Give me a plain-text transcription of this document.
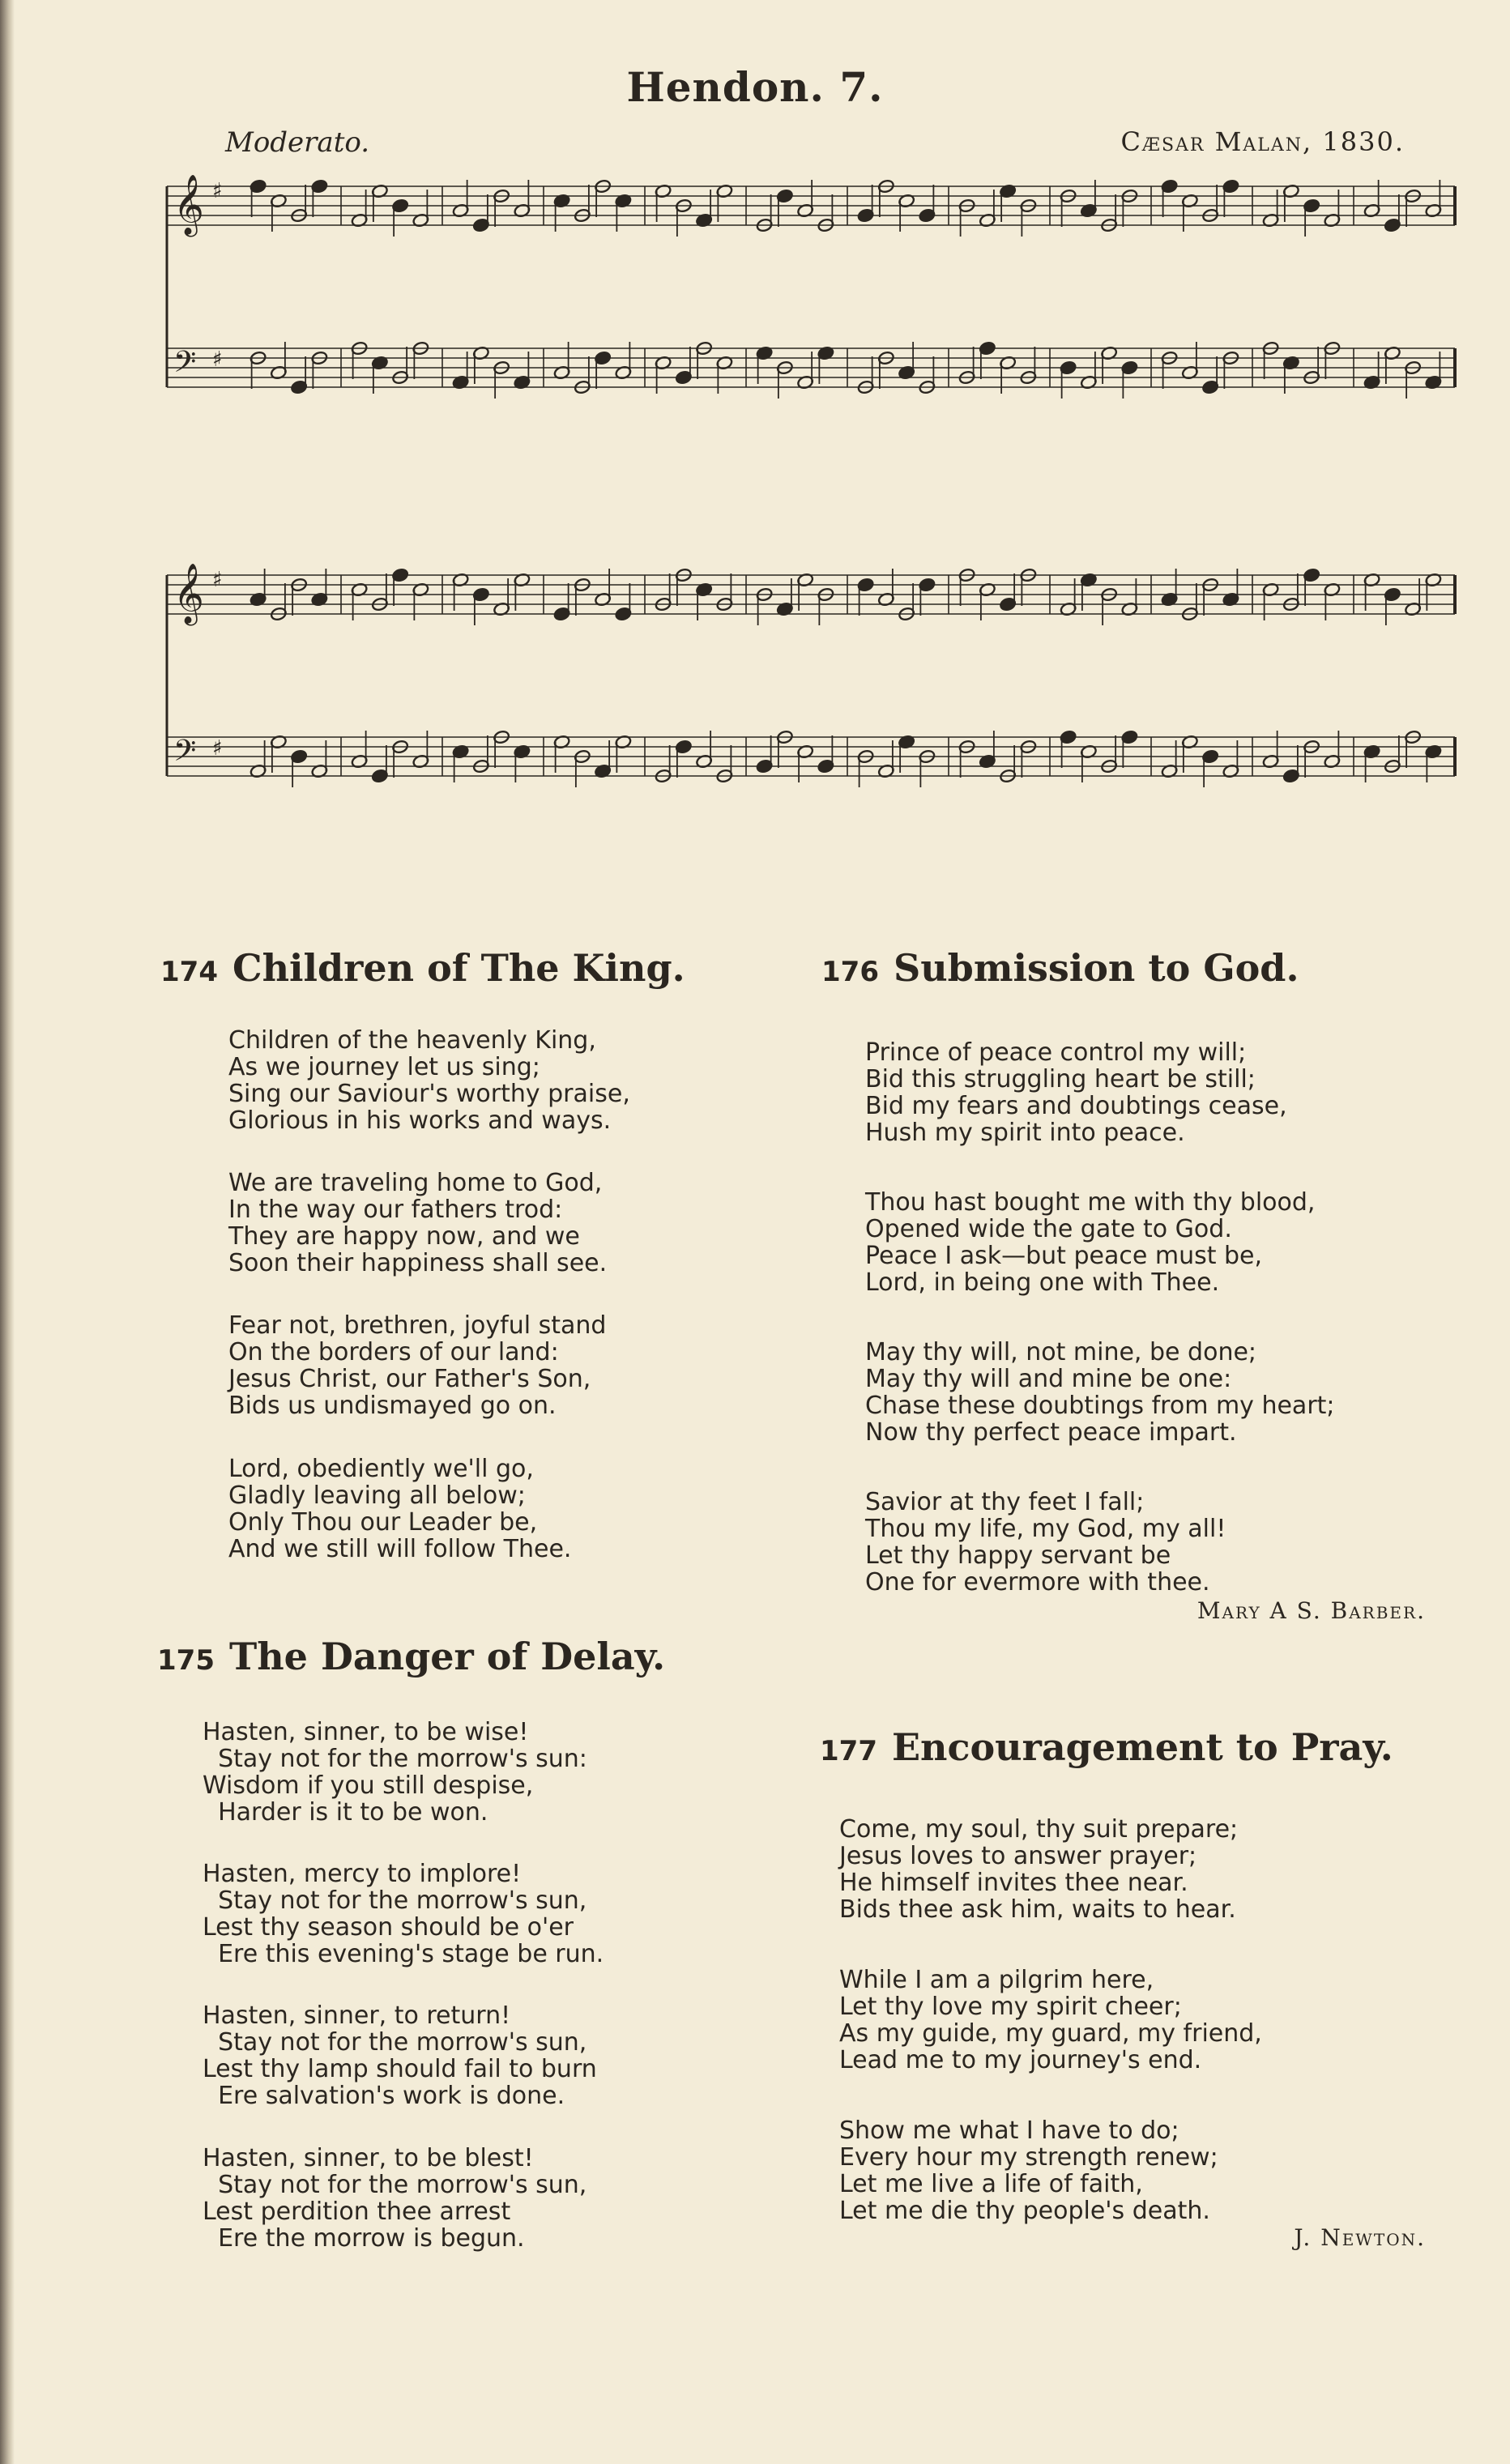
Hendon. 7.
Moderato.	Cæsar Malan, 1830.
𝄞 ♯
𝄢 ♯
𝄞 ♯
𝄢 ♯
174 Children of The King.
Children of the heavenly King,
As we journey let us sing;
Sing our Saviour's worthy praise,
Glorious in his works and ways.
We are traveling home to God,
In the way our fathers trod:
They are happy now, and we
Soon their happiness shall see.
Fear not, brethren, joyful stand
On the borders of our land:
Jesus Christ, our Father's Son,
Bids us undismayed go on.
Lord, obediently we'll go,
Gladly leaving all below;
Only Thou our Leader be,
And we still will follow Thee.
175 The Danger of Delay.
Hasten, sinner, to be wise!
Stay not for the morrow's sun:
Wisdom if you still despise,
Harder is it to be won.
Hasten, mercy to implore!
Stay not for the morrow's sun,
Lest thy season should be o'er
Ere this evening's stage be run.
Hasten, sinner, to return!
Stay not for the morrow's sun,
Lest thy lamp should fail to burn
Ere salvation's work is done.
Hasten, sinner, to be blest!
Stay not for the morrow's sun,
Lest perdition thee arrest
Ere the morrow is begun.
176 Submission to God.
Prince of peace control my will;
Bid this struggling heart be still;
Bid my fears and doubtings cease,
Hush my spirit into peace.
Thou hast bought me with thy blood,
Opened wide the gate to God.
Peace I ask—but peace must be,
Lord, in being one with Thee.
May thy will, not mine, be done;
May thy will and mine be one:
Chase these doubtings from my heart;
Now thy perfect peace impart.
Savior at thy feet I fall;
Thou my life, my God, my all!
Let thy happy servant be
One for evermore with thee.
Mary A S. Barber.
177 Encouragement to Pray.
Come, my soul, thy suit prepare;
Jesus loves to answer prayer;
He himself invites thee near.
Bids thee ask him, waits to hear.
While I am a pilgrim here,
Let thy love my spirit cheer;
As my guide, my guard, my friend,
Lead me to my journey's end.
Show me what I have to do;
Every hour my strength renew;
Let me live a life of faith,
Let me die thy people's death.
J. Newton.
